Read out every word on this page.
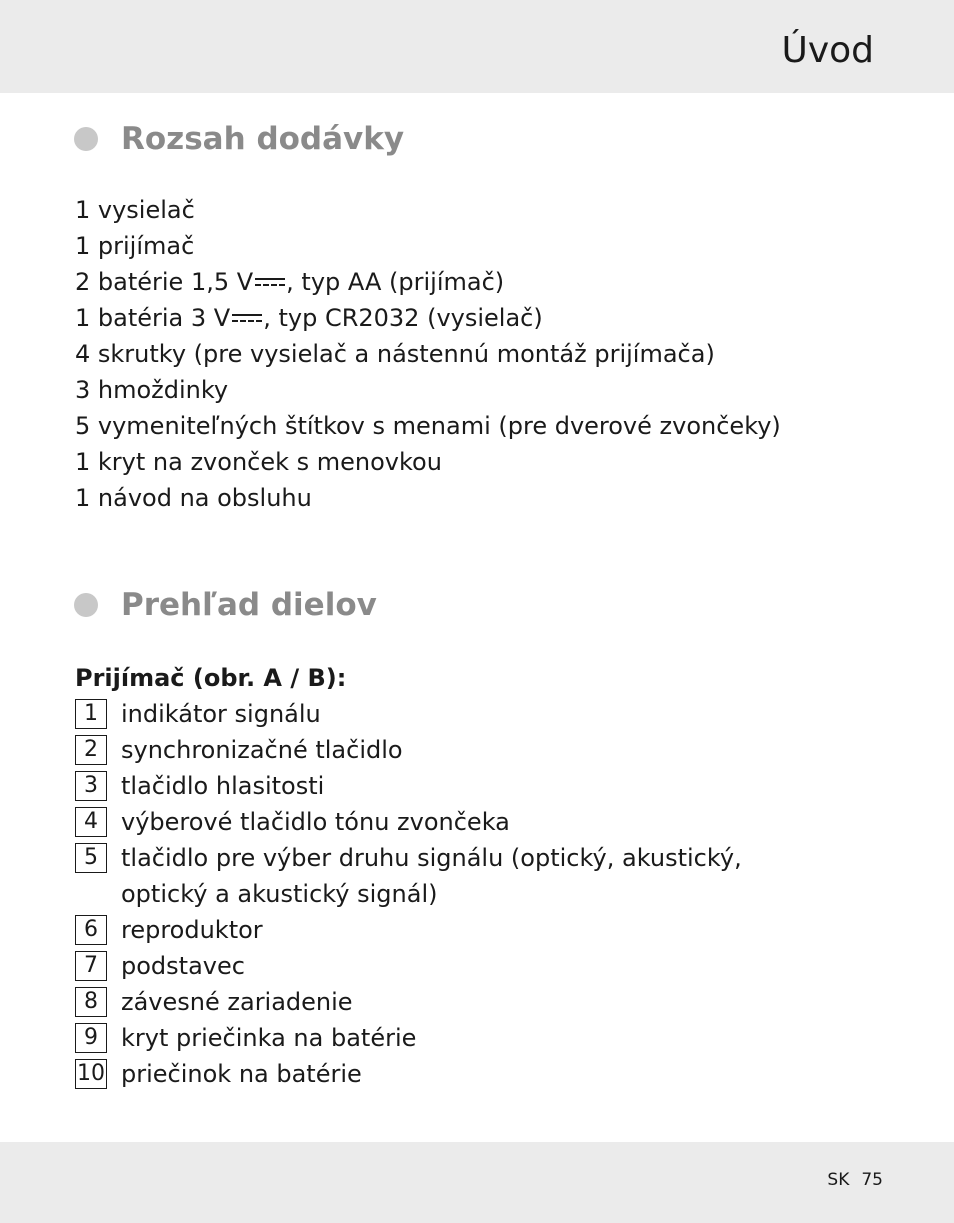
Úvod
Rozsah dodávky
1 vysielač
1 prijímač
2 batérie 1,5 V , typ AA (prijímač)
1 batéria 3 V , typ CR2032 (vysielač)
4 skrutky (pre vysielač a nástennú montáž prijímača)
3 hmoždinky
5 vymeniteľných štítkov s menami (pre dverové zvončeky)
1 kryt na zvonček s menovkou
1 návod na obsluhu
Prehľad dielov
Prijímač (obr. A / B):
1 indikátor signálu
2 synchronizačné tlačidlo
3 tlačidlo hlasitosti
4 výberové tlačidlo tónu zvončeka
5 tlačidlo pre výber druhu signálu (optický, akustický, optický a akustický signál)
6 reproduktor
7 podstavec
8 závesné zariadenie
9 kryt priečinka na batérie
10 priečinok na batérie
SK 75
